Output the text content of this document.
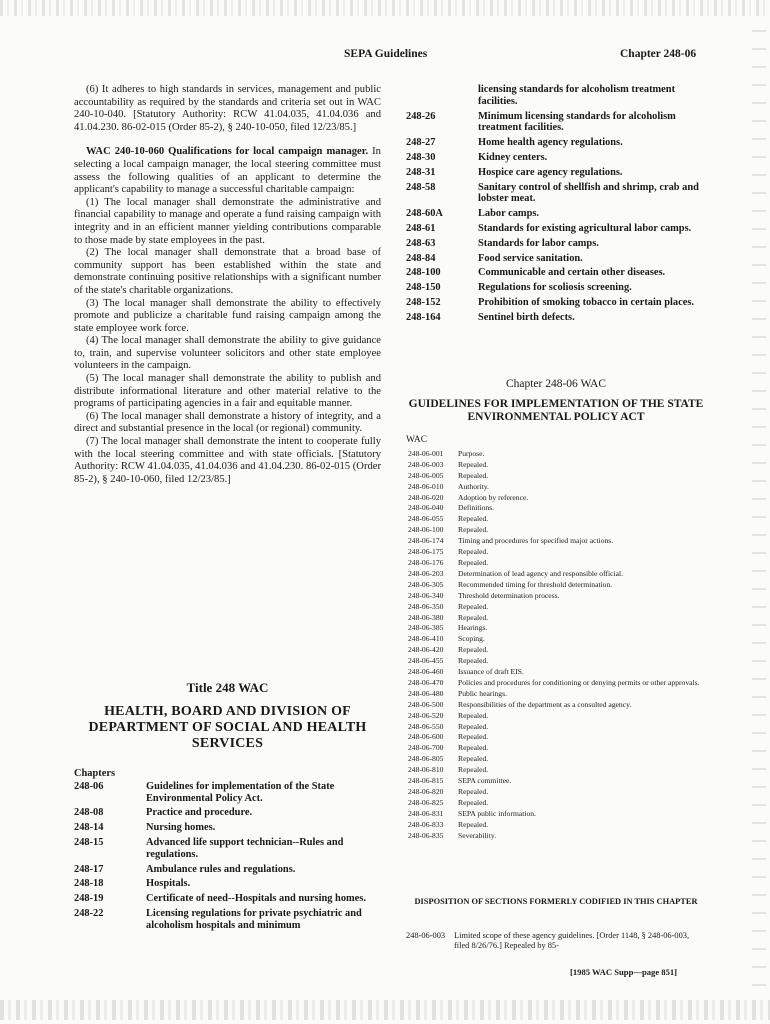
SEPA Guidelines	Chapter 248-06

(6) It adheres to high standards in services, management and public accountability as required by the standards and criteria set out in WAC 240-10-040. [Statutory Authority: RCW 41.04.035, 41.04.036 and 41.04.230. 86-02-015 (Order 85-2), § 240-10-050, filed 12/23/85.]

WAC 240-10-060 Qualifications for local campaign manager. In selecting a local campaign manager, the local steering committee must assess the following qualities of an applicant to determine the applicant's capability to manage a successful charitable campaign:

(1) The local manager shall demonstrate the administrative and financial capability to manage and operate a fund raising campaign with integrity and in an efficient manner yielding contributions comparable to those made by state employees in the past.

(2) The local manager shall demonstrate that a broad base of community support has been established within the state and demonstrate continuing positive relationships with a significant number of the state's charitable organizations.

(3) The local manager shall demonstrate the ability to effectively promote and publicize a charitable fund raising campaign among the state employee work force.

(4) The local manager shall demonstrate the ability to give guidance to, train, and supervise volunteer solicitors and other state employee volunteers in the campaign.

(5) The local manager shall demonstrate the ability to publish and distribute informational literature and other material relative to the programs of participating agencies in a fair and equitable manner.

(6) The local manager shall demonstrate a history of integrity, and a direct and substantial presence in the local (or regional) community.

(7) The local manager shall demonstrate the intent to cooperate fully with the local steering committee and with state officials. [Statutory Authority: RCW 41.04.035, 41.04.036 and 41.04.230. 86-02-015 (Order 85-2), § 240-10-060, filed 12/23/85.]

Title 248 WAC
HEALTH, BOARD AND DIVISION OF DEPARTMENT OF SOCIAL AND HEALTH SERVICES
Chapters
248-06	Guidelines for implementation of the State Environmental Policy Act.
248-08	Practice and procedure.
248-14	Nursing homes.
248-15	Advanced life support technician--Rules and regulations.
248-17	Ambulance rules and regulations.
248-18	Hospitals.
248-19	Certificate of need--Hospitals and nursing homes.
248-22	Licensing regulations for private psychiatric and alcoholism hospitals and minimum
licensing standards for alcoholism treatment facilities.
248-26	Minimum licensing standards for alcoholism treatment facilities.
248-27	Home health agency regulations.
248-30	Kidney centers.
248-31	Hospice care agency regulations.
248-58	Sanitary control of shellfish and shrimp, crab and lobster meat.
248-60A	Labor camps.
248-61	Standards for existing agricultural labor camps.
248-63	Standards for labor camps.
248-84	Food service sanitation.
248-100	Communicable and certain other diseases.
248-150	Regulations for scoliosis screening.
248-152	Prohibition of smoking tobacco in certain places.
248-164	Sentinel birth defects.
Chapter 248-06 WAC
GUIDELINES FOR IMPLEMENTATION OF THE STATE ENVIRONMENTAL POLICY ACT
WAC
248-06-001	Purpose.
248-06-003	Repealed.
248-06-005	Repealed.
248-06-010	Authority.
248-06-020	Adoption by reference.
248-06-040	Definitions.
248-06-055	Repealed.
248-06-100	Repealed.
248-06-174	Timing and procedures for specified major actions.
248-06-175	Repealed.
248-06-176	Repealed.
248-06-203	Determination of lead agency and responsible official.
248-06-305	Recommended timing for threshold determination.
248-06-340	Threshold determination process.
248-06-350	Repealed.
248-06-380	Repealed.
248-06-385	Hearings.
248-06-410	Scoping.
248-06-420	Repealed.
248-06-455	Repealed.
248-06-460	Issuance of draft EIS.
248-06-470	Policies and procedures for conditioning or denying permits or other approvals.
248-06-480	Public hearings.
248-06-500	Responsibilities of the department as a consulted agency.
248-06-520	Repealed.
248-06-550	Repealed.
248-06-600	Repealed.
248-06-700	Repealed.
248-06-805	Repealed.
248-06-810	Repealed.
248-06-815	SEPA committee.
248-06-820	Repealed.
248-06-825	Repealed.
248-06-831	SEPA public information.
248-06-833	Repealed.
248-06-835	Severability.
DISPOSITION OF SECTIONS FORMERLY CODIFIED IN THIS CHAPTER
248-06-003	Limited scope of these agency guidelines. [Order 1148, § 248-06-003, filed 8/26/76.] Repealed by 85-
[1985 WAC Supp—page 851]
